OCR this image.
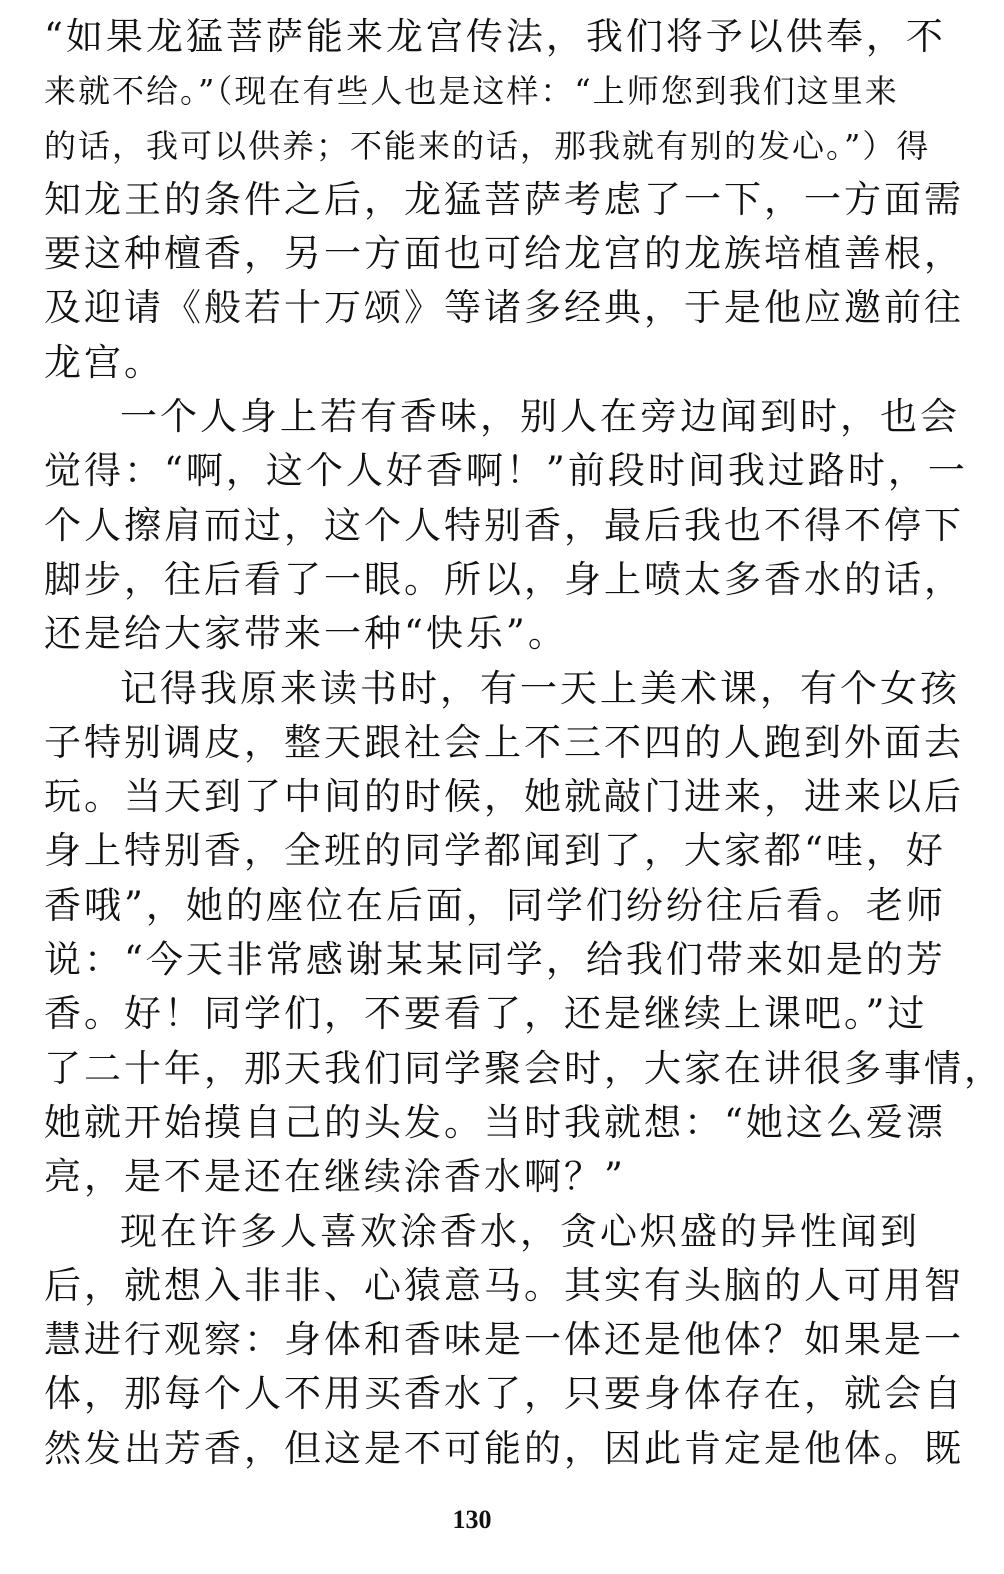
“如果龙猛菩萨能来龙宫传法，我们将予以供奉，不
来就不给。”（现在有些人也是这样：“上师您到我们这里来
的话，我可以供养；不能来的话，那我就有别的发心。”）得
知龙王的条件之后，龙猛菩萨考虑了一下，一方面需
要这种檀香，另一方面也可给龙宫的龙族培植善根，
及迎请《般若十万颂》等诸多经典，于是他应邀前往
龙宫。
一个人身上若有香味，别人在旁边闻到时，也会
觉得：“啊，这个人好香啊！”前段时间我过路时，一
个人擦肩而过，这个人特别香，最后我也不得不停下
脚步，往后看了一眼。所以，身上喷太多香水的话，
还是给大家带来一种“快乐”。
记得我原来读书时，有一天上美术课，有个女孩
子特别调皮，整天跟社会上不三不四的人跑到外面去
玩。当天到了中间的时候，她就敲门进来，进来以后
身上特别香，全班的同学都闻到了，大家都“哇，好
香哦”，她的座位在后面，同学们纷纷往后看。老师
说：“今天非常感谢某某同学，给我们带来如是的芳
香。好！同学们，不要看了，还是继续上课吧。”过
了二十年，那天我们同学聚会时，大家在讲很多事情，
她就开始摸自己的头发。当时我就想：“她这么爱漂
亮，是不是还在继续涂香水啊？”
现在许多人喜欢涂香水，贪心炽盛的异性闻到
后，就想入非非、心猿意马。其实有头脑的人可用智
慧进行观察：身体和香味是一体还是他体？如果是一
体，那每个人不用买香水了，只要身体存在，就会自
然发出芳香，但这是不可能的，因此肯定是他体。既
130
